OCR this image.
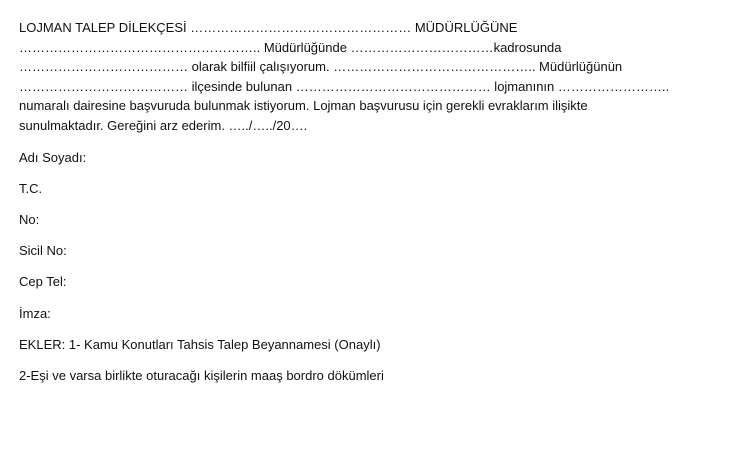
LOJMAN TALEP DİLEKÇESİ …………………………………………… MÜDÜRLÜĞÜNE
……………………………………………….. Müdürlüğünde ……………………………kadrosunda
………………………………… olarak bilfiil çalışıyorum. ……………………………………….. Müdürlüğünün
………………………………… ilçesinde bulunan ……………………………………… lojmanının ……………………..
numaralı dairesine başvuruda bulunmak istiyorum. Lojman başvurusu için gerekli evraklarım ilişikte
sunulmaktadır. Gereğini arz ederim. …../…../20….

Adı Soyadı:

T.C.

No:

Sicil No:

Cep Tel:

İmza:

EKLER: 1- Kamu Konutları Tahsis Talep Beyannamesi (Onaylı)

2-Eşi ve varsa birlikte oturacağı kişilerin maaş bordro dökümleri
